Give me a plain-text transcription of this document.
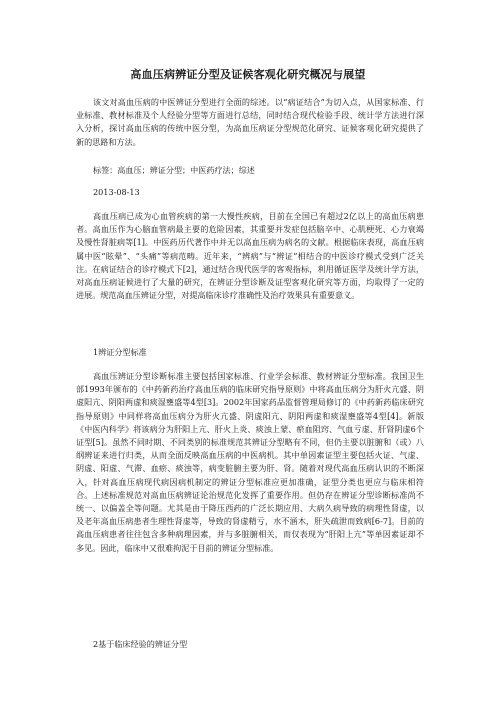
高血压病辨证分型及证候客观化研究概况与展望

该文对高血压病的中医辨证分型进行全面的综述。以“病证结合”为切入点，从国家标准、行业标准、教材标准及个人经验分型等方面进行总结，同时结合现代检验手段、统计学方法进行深入分析，探讨高血压病的传统中医分型，为高血压病证分型规范化研究、证候客观化研究提供了新的思路和方法。

标签：高血压；辨证分型；中医药疗法；综述

2013-08-13

高血压病已成为心血管疾病的第一大慢性疾病，目前在全国已有超过2亿以上的高血压病患者。高血压作为心脑血管病最主要的危险因素，其重要并发症包括脑卒中、心肌梗死、心力衰竭及慢性肾脏病等[1]。中医药历代著作中并无以高血压病为病名的文献。根据临床表现，高血压病属中医“眩晕”、“头痛”等病范畴。近年来，“辨病”与“辨证”相结合的中医诊疗模式受到广泛关注。在病证结合的诊疗模式下[2]，通过结合现代医学的客观指标，利用循证医学及统计学方法，对高血压病证候进行了大量的研究，在辨证分型诊断及证型客观化研究等方面，均取得了一定的进展。规范高血压辨证分型，对提高临床诊疗准确性及治疗效果具有重要意义。

1辨证分型标准

高血压辨证分型诊断标准主要包括国家标准、行业学会标准、教材辨证分型标准。我国卫生部1993年颁布的《中药新药治疗高血压病的临床研究指导原则》中将高血压病分为肝火亢盛、阴虚阳亢、阴阳两虚和痰湿壅盛等4型[3]。2002年国家药品监督管理局修订的《中药新药临床研究指导原则》中同样将高血压病分为肝火亢盛、阴虚阳亢、阴阳两虚和痰湿壅盛等4型[4]。新版《中医内科学》将该病分为肝阳上亢、肝火上炎、痰浊上蒙、瘀血阻窍、气血亏虚、肝肾阴虚6个证型[5]。虽然不同时期、不同类别的标准规范其辨证分型略有不同，但仍主要以脏腑和（或）八纲辨证来进行归类，从而全面反映高血压病的中医病机。其中单因素证型主要包括火证、气虚、阴虚、阳虚、气滞、血瘀、痰浊等，病变脏腑主要为肝、肾。随着对现代高血压病认识的不断深入，针对高血压病现代病因病机制定的辨证分型标准应更加准确，证型分类也更应与临床相符合。上述标准规范对高血压病辨证论治规范化发挥了重要作用。但仍存在辨证分型诊断标准尚不统一、以偏盖全等问题。尤其是由于降压西药的广泛长期应用、大病久病导致的病理性肾虚，以及老年高血压病患者生理性肾虚等，导致的肾虚精亏，水不涵木，肝失疏泄而致病[6-7]。目前的高血压病患者往往包含多种病理因素，并与多脏腑相关，而仅表现为“肝阳上亢”等单因素证却不多见。因此，临床中又很难拘泥于目前的辨证分型标准。

2基于临床经验的辨证分型
